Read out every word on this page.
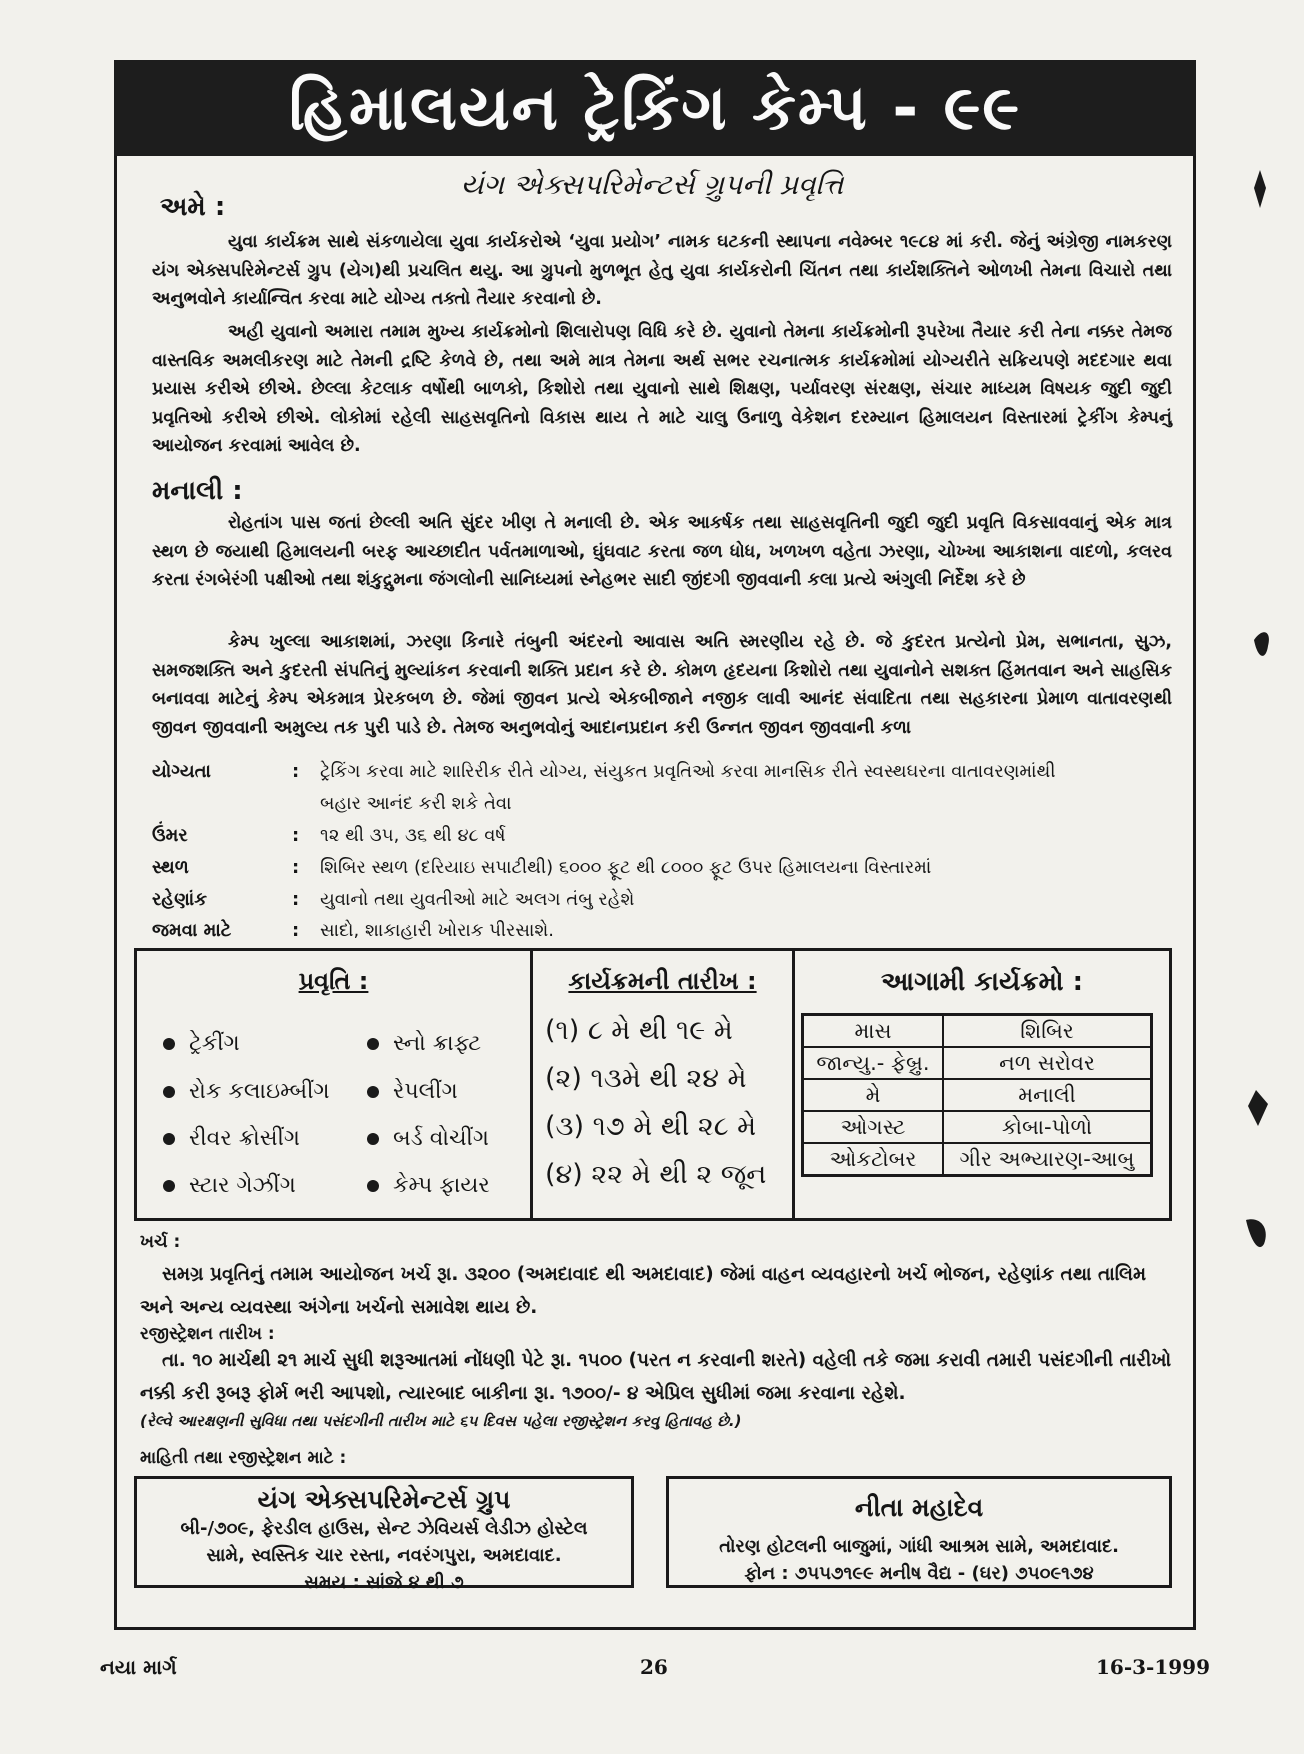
હિમાલયન ટ્રેકિંગ કેમ્પ - ૯૯
યંગ એક્સપરિમેન્ટર્સ ગ્રુપની પ્રવૃત્તિ
અમે :
યુવા કાર્યક્રમ સાથે સંકળાયેલા યુવા કાર્યકરોએ ‘યુવા પ્રયોગ’ નામક ઘટકની સ્થાપના નવેમ્બર ૧૯૮૪ માં કરી. જેનું અંગ્રેજી નામકરણ યંગ એક્સપરિમેન્ટર્સ ગ્રુપ (યેગ)થી પ્રચલિત થયુ. આ ગ્રુપનો મુળભૂત હેતુ યુવા કાર્યકરોની ચિંતન તથા કાર્યશક્તિને ઓળખી તેમના વિચારો તથા અનુભવોને કાર્યાન્વિત કરવા માટે યોગ્ય તક્તો તૈયાર કરવાનો છે.
અહી યુવાનો અમારા તમામ મુખ્ય કાર્યક્રમોનો શિલારોપણ વિધિ કરે છે. યુવાનો તેમના કાર્યક્રમોની રૂપરેખા તૈયાર કરી તેના નક્કર તેમજ વાસ્તવિક અમલીકરણ માટે તેમની દ્રષ્ટિ કેળવે છે, તથા અમે માત્ર તેમના અર્થ સભર રચનાત્મક કાર્યક્રમોમાં યોગ્યરીતે સક્રિયપણે મદદગાર થવા પ્રયાસ કરીએ છીએ. છેલ્લા કેટલાક વર્ષોથી બાળકો, કિશોરો તથા યુવાનો સાથે શિક્ષણ, પર્યાવરણ સંરક્ષણ, સંચાર માધ્યમ વિષયક જુદી જુદી પ્રવૃતિઓ કરીએ છીએ. લોકોમાં રહેલી સાહસવૃતિનો વિકાસ થાય તે માટે ચાલુ ઉનાળુ વેકેશન દરમ્યાન હિમાલયન વિસ્તારમાં ટ્રેકીંગ કેમ્પનું આયોજન કરવામાં આવેલ છે.
મનાલી :
રોહતાંગ પાસ જતાં છેલ્લી અતિ સુંદર ખીણ તે મનાલી છે. એક આકર્ષક તથા સાહસવૃતિની જુદી જુદી પ્રવૃતિ વિકસાવવાનું એક માત્ર સ્થળ છે જયાથી હિમાલયની બરફ આચ્છાદીત પર્વતમાળાઓ, ઘુંઘવાટ કરતા જળ ધોધ, ખળખળ વહેતા ઝરણા, ચોખ્ખા આકાશના વાદળો, કલરવ કરતા રંગબેરંગી પક્ષીઓ તથા શંકુદ્રુમના જંગલોની સાનિધ્યમાં સ્નેહભર સાદી જીંદગી જીવવાની કલા પ્રત્યે અંગુલી નિર્દેશ કરે છે
કેમ્પ ખુલ્લા આકાશમાં, ઝરણા કિનારે તંબુની અંદરનો આવાસ અતિ સ્મરણીય રહે છે. જે કુદરત પ્રત્યેનો પ્રેમ, સભાનતા, સુઝ, સમજશક્તિ અને કુદરતી સંપતિનું મુલ્યાંકન કરવાની શક્તિ પ્રદાન કરે છે. કોમળ હૃદયના કિશોરો તથા યુવાનોને સશક્ત હિંમતવાન અને સાહસિક બનાવવા માટેનું કેમ્પ એકમાત્ર પ્રેરકબળ છે. જેમાં જીવન પ્રત્યે એકબીજાને નજીક લાવી આનંદ સંવાદિતા તથા સહકારના પ્રેમાળ વાતાવરણથી જીવન જીવવાની અમુલ્ય તક પુરી પાડે છે. તેમજ અનુભવોનું આદાનપ્રદાન કરી ઉન્નત જીવન જીવવાની કળા
યોગ્યતા	: ટ્રેકિંગ કરવા માટે શારિરીક રીતે યોગ્ય, સંયુકત પ્રવૃતિઓ કરવા માનસિક રીતે સ્વસ્થઘરના વાતાવરણમાંથી
બહાર આનંદ કરી શકે તેવા
ઉંમર	: ૧૨ થી ૩૫, ૩૬ થી ૪૮ વર્ષ
સ્થળ	: શિબિર સ્થળ (દરિયાઇ સપાટીથી) ૬૦૦૦ ફૂટ થી ૮૦૦૦ ફૂટ ઉપર હિમાલયના વિસ્તારમાં
રહેણાંક	: યુવાનો તથા યુવતીઓ માટે અલગ તંબુ રહેશે
જમવા માટે	: સાદો, શાકાહારી ખોરાક પીરસાશે.
પ્રવૃતિ :
ટ્રેકીંગ	સ્નો ક્રાફ્ટ
રોક કલાઇમ્બીંગ	રેપલીંગ
રીવર ક્રોસીંગ	બર્ડ વોચીંગ
સ્ટાર ગેઝીંગ	કેમ્પ ફાયર
કાર્યક્રમની તારીખ :
(૧) ૮ મે થી ૧૯ મે
(૨) ૧૩મે થી ૨૪ મે
(૩) ૧૭ મે થી ૨૮ મે
(૪) ૨૨ મે થી ૨ જૂન
આગામી કાર્યક્રમો :
માસ	શિબિર
જાન્યુ.- ફેબ્રુ.	નળ સરોવર
મે	મનાલી
ઓગસ્ટ	કોબા-પોળો
ઓકટોબર	ગીર અભ્યારણ-આબુ
ખર્ચ :
સમગ્ર પ્રવૃતિનું તમામ આયોજન ખર્ચ રૂા. ૩૨૦૦ (અમદાવાદ થી અમદાવાદ) જેમાં વાહન વ્યવહારનો ખર્ચ ભોજન, રહેણાંક તથા તાલિમ અને અન્ય વ્યવસ્થા અંગેના ખર્ચનો સમાવેશ થાય છે.
રજીસ્ટ્રેશન તારીખ :
તા. ૧૦ માર્ચથી ૨૧ માર્ચ સુધી શરૂઆતમાં નોંધણી પેટે રૂા. ૧૫૦૦ (પરત ન કરવાની શરતે) વહેલી તકે જમા કરાવી તમારી પસંદગીની તારીખો નક્કી કરી રૂબરૂ ફોર્મ ભરી આપશો, ત્યારબાદ બાકીના રૂા. ૧૭૦૦/- ૪ એપ્રિલ સુધીમાં જમા કરવાના રહેશે.
(રેલ્વે આરક્ષણની સુવિધા તથા પસંદગીની તારીખ માટે ૬૫ દિવસ પહેલા રજીસ્ટ્રેશન કરવુ હિતાવહ છે.)
માહિતી તથા રજીસ્ટ્રેશન માટે :
યંગ એક્સપરિમેન્ટર્સ ગ્રુપ
બી-/૭૦૯, ફેરડીલ હાઉસ, સેન્ટ ઝેવિયર્સ લેડીઝ હોસ્ટેલ
સામે, સ્વસ્તિક ચાર રસ્તા, નવરંગપુરા, અમદાવાદ.
સમય : સાંજે ૪ થી ૭
નીતા મહાદેવ
તોરણ હોટલની બાજુમાં, ગાંધી આશ્રમ સામે, અમદાવાદ.
ફોન : ૭૫૫૭૧૯૯ મનીષ વૈદ્ય - (ઘર) ૭૫૦૯૧૭૪
નયા માર્ગ	26	16-3-1999
